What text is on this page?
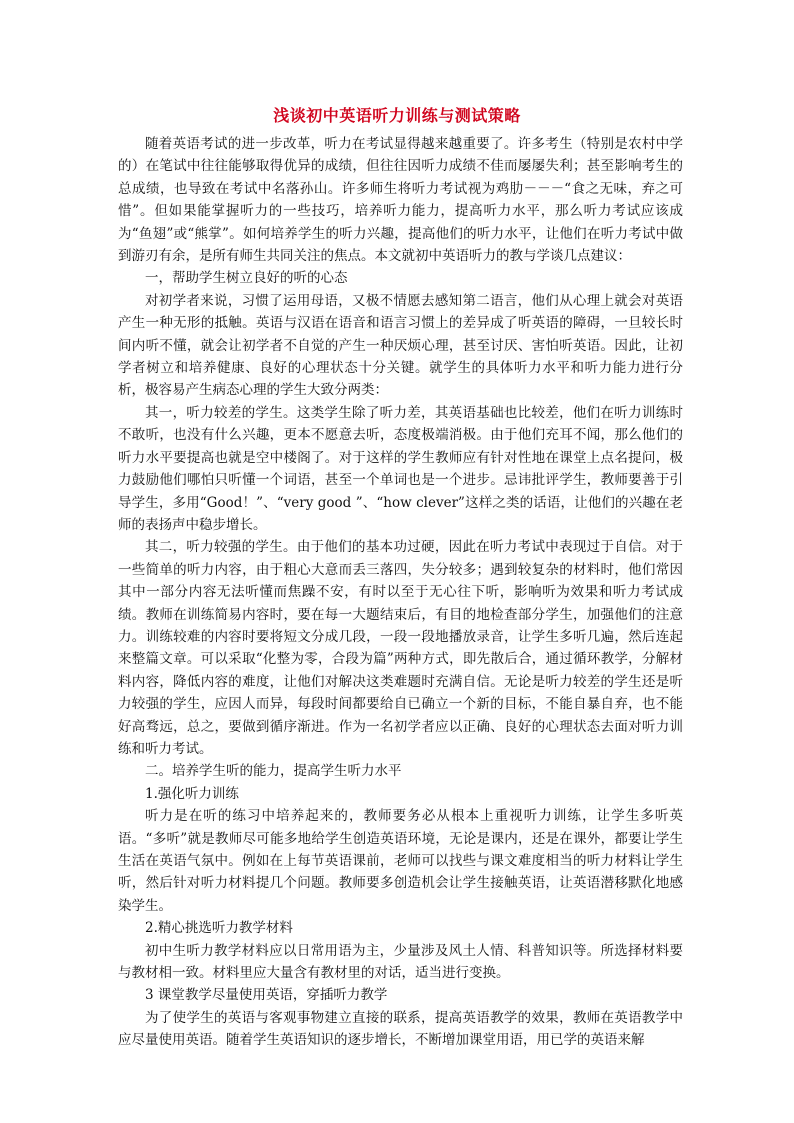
浅谈初中英语听力训练与测试策略

随着英语考试的进一步改革，听力在考试显得越来越重要了。许多考生（特别是农村中学的）在笔试中往往能够取得优异的成绩，但往往因听力成绩不佳而屡屡失利；甚至影响考生的总成绩，也导致在考试中名落孙山。许多师生将听力考试视为鸡肋－－－“食之无味，弃之可惜”。但如果能掌握听力的一些技巧，培养听力能力，提高听力水平，那么听力考试应该成为“鱼翅”或“熊掌”。如何培养学生的听力兴趣，提高他们的听力水平，让他们在听力考试中做到游刃有余，是所有师生共同关注的焦点。本文就初中英语听力的教与学谈几点建议：

一，帮助学生树立良好的听的心态

对初学者来说，习惯了运用母语，又极不情愿去感知第二语言，他们从心理上就会对英语产生一种无形的抵触。英语与汉语在语音和语言习惯上的差异成了听英语的障碍，一旦较长时间内听不懂，就会让初学者不自觉的产生一种厌烦心理，甚至讨厌、害怕听英语。因此，让初学者树立和培养健康、良好的心理状态十分关键。就学生的具体听力水平和听力能力进行分析，极容易产生病态心理的学生大致分两类：

其一，听力较差的学生。这类学生除了听力差，其英语基础也比较差，他们在听力训练时不敢听，也没有什么兴趣，更本不愿意去听，态度极端消极。由于他们充耳不闻，那么他们的听力水平要提高也就是空中楼阁了。对于这样的学生教师应有针对性地在课堂上点名提问，极力鼓励他们哪怕只听懂一个词语，甚至一个单词也是一个进步。忌讳批评学生，教师要善于引导学生，多用“Good！”、“very good ”、“how clever”这样之类的话语，让他们的兴趣在老师的表扬声中稳步增长。

其二，听力较强的学生。由于他们的基本功过硬，因此在听力考试中表现过于自信。对于一些简单的听力内容，由于粗心大意而丢三落四，失分较多；遇到较复杂的材料时，他们常因其中一部分内容无法听懂而焦躁不安，有时以至于无心往下听，影响听为效果和听力考试成绩。教师在训练简易内容时，要在每一大题结束后，有目的地检查部分学生，加强他们的注意力。训练较难的内容时要将短文分成几段，一段一段地播放录音，让学生多听几遍，然后连起来整篇文章。可以采取“化整为零，合段为篇”两种方式，即先散后合，通过循环教学，分解材料内容，降低内容的难度，让他们对解决这类难题时充满自信。无论是听力较差的学生还是听力较强的学生，应因人而异，每段时间都要给自已确立一个新的目标，不能自暴自弃，也不能好高骛远，总之，要做到循序渐进。作为一名初学者应以正确、良好的心理状态去面对听力训练和听力考试。

二。培养学生听的能力，提高学生听力水平

1.强化听力训练

听力是在听的练习中培养起来的，教师要务必从根本上重视听力训练，让学生多听英语。“多听”就是教师尽可能多地给学生创造英语环境，无论是课内，还是在课外，都要让学生生活在英语气氛中。例如在上每节英语课前，老师可以找些与课文难度相当的听力材料让学生听，然后针对听力材料提几个问题。教师要多创造机会让学生接触英语，让英语潜移默化地感染学生。

2.精心挑选听力教学材料

初中生听力教学材料应以日常用语为主，少量涉及风土人情、科普知识等。所选择材料要与教材相一致。材料里应大量含有教材里的对话，适当进行变换。

3 课堂教学尽量使用英语，穿插听力教学

为了使学生的英语与客观事物建立直接的联系，提高英语教学的效果，教师在英语教学中应尽量使用英语。随着学生英语知识的逐步增长，不断增加课堂用语，用已学的英语来解
